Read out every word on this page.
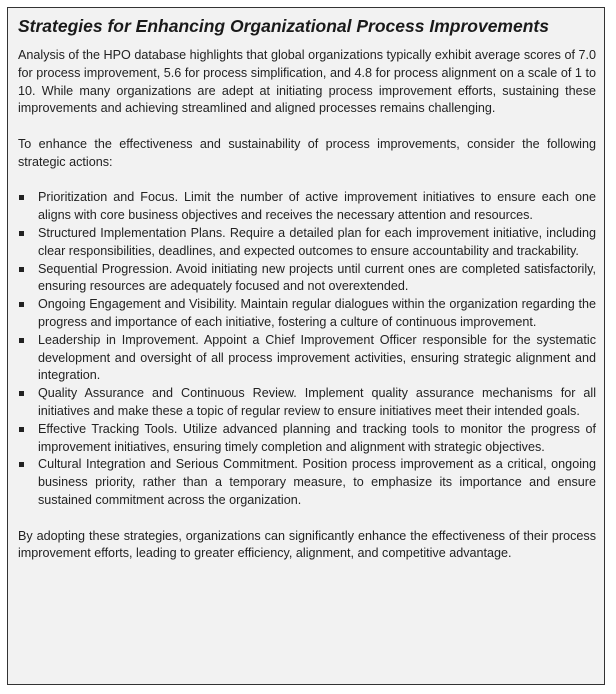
Strategies for Enhancing Organizational Process Improvements

Analysis of the HPO database highlights that global organizations typically exhibit average scores of 7.0 for process improvement, 5.6 for process simplification, and 4.8 for process alignment on a scale of 1 to 10. While many organizations are adept at initiating process improvement efforts, sustaining these improvements and achieving streamlined and aligned processes remains challenging.

To enhance the effectiveness and sustainability of process improvements, consider the following strategic actions:

Prioritization and Focus. Limit the number of active improvement initiatives to ensure each one aligns with core business objectives and receives the necessary attention and resources.
Structured Implementation Plans. Require a detailed plan for each improvement initiative, including clear responsibilities, deadlines, and expected outcomes to ensure accountability and trackability.
Sequential Progression. Avoid initiating new projects until current ones are completed satisfactorily, ensuring resources are adequately focused and not overextended.
Ongoing Engagement and Visibility. Maintain regular dialogues within the organization regarding the progress and importance of each initiative, fostering a culture of continuous improvement.
Leadership in Improvement. Appoint a Chief Improvement Officer responsible for the systematic development and oversight of all process improvement activities, ensuring strategic alignment and integration.
Quality Assurance and Continuous Review. Implement quality assurance mechanisms for all initiatives and make these a topic of regular review to ensure initiatives meet their intended goals.
Effective Tracking Tools. Utilize advanced planning and tracking tools to monitor the progress of improvement initiatives, ensuring timely completion and alignment with strategic objectives.
Cultural Integration and Serious Commitment. Position process improvement as a critical, ongoing business priority, rather than a temporary measure, to emphasize its importance and ensure sustained commitment across the organization.

By adopting these strategies, organizations can significantly enhance the effectiveness of their process improvement efforts, leading to greater efficiency, alignment, and competitive advantage.
